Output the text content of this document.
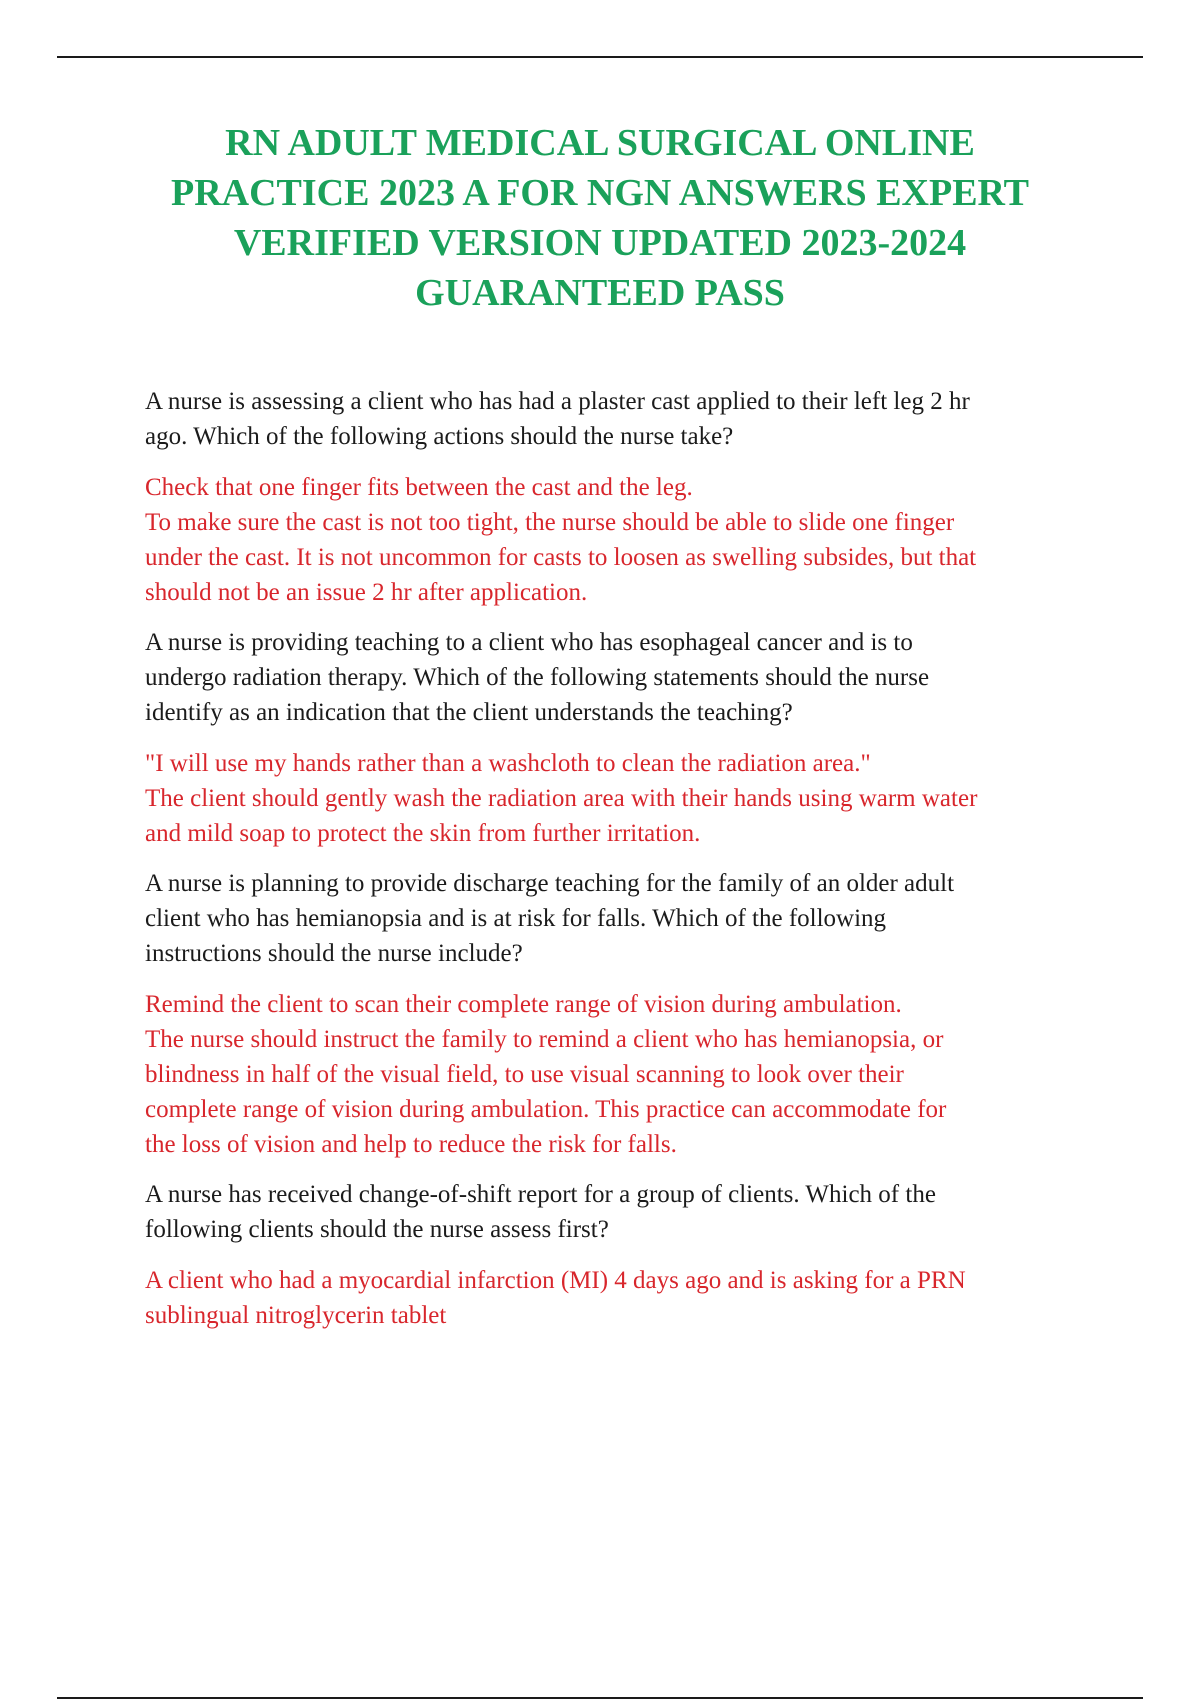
RN ADULT MEDICAL SURGICAL ONLINE
PRACTICE 2023 A FOR NGN ANSWERS EXPERT
VERIFIED VERSION UPDATED 2023-2024
GUARANTEED PASS

A nurse is assessing a client who has had a plaster cast applied to their left leg 2 hr
ago. Which of the following actions should the nurse take?

Check that one finger fits between the cast and the leg.
To make sure the cast is not too tight, the nurse should be able to slide one finger
under the cast. It is not uncommon for casts to loosen as swelling subsides, but that
should not be an issue 2 hr after application.

A nurse is providing teaching to a client who has esophageal cancer and is to
undergo radiation therapy. Which of the following statements should the nurse
identify as an indication that the client understands the teaching?

"I will use my hands rather than a washcloth to clean the radiation area."
The client should gently wash the radiation area with their hands using warm water
and mild soap to protect the skin from further irritation.

A nurse is planning to provide discharge teaching for the family of an older adult
client who has hemianopsia and is at risk for falls. Which of the following
instructions should the nurse include?

Remind the client to scan their complete range of vision during ambulation.
The nurse should instruct the family to remind a client who has hemianopsia, or
blindness in half of the visual field, to use visual scanning to look over their
complete range of vision during ambulation. This practice can accommodate for
the loss of vision and help to reduce the risk for falls.

A nurse has received change-of-shift report for a group of clients. Which of the
following clients should the nurse assess first?

A client who had a myocardial infarction (MI) 4 days ago and is asking for a PRN
sublingual nitroglycerin tablet
